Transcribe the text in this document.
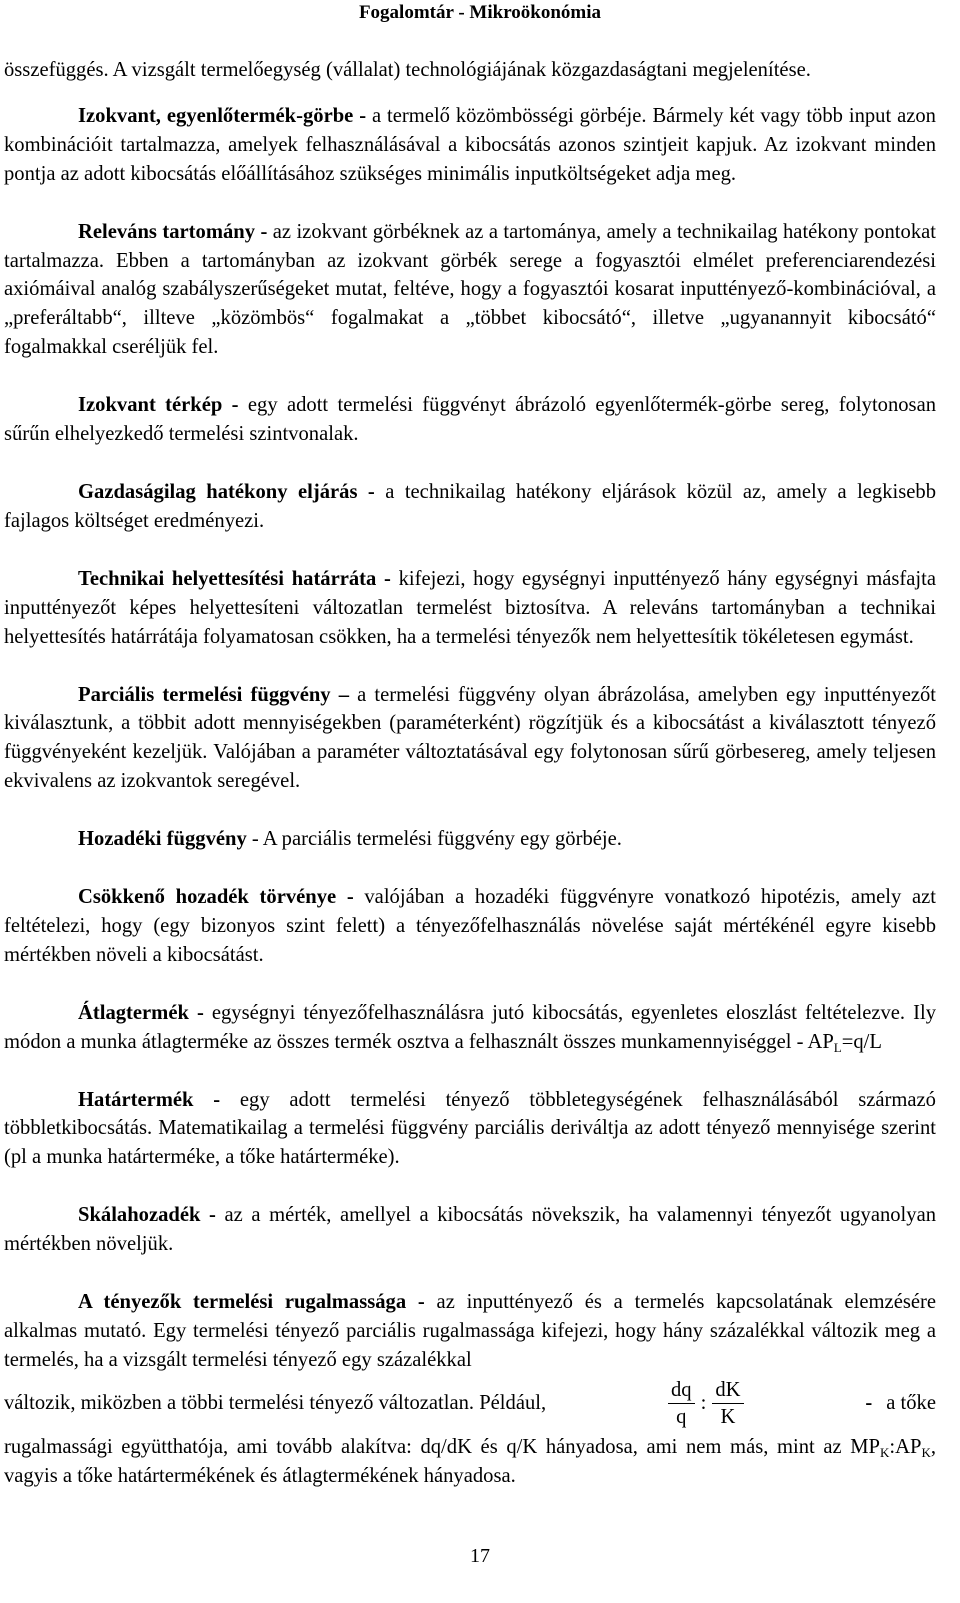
Fogalomtár - Mikroökonómia

összefüggés. A vizsgált termelőegység (vállalat) technológiájának közgazdaságtani megjelenítése.

Izokvant, egyenlőtermék-görbe - a termelő közömbösségi görbéje. Bármely két vagy több input azon kombinációit tartalmazza, amelyek felhasználásával a kibocsátás azonos szintjeit kapjuk. Az izokvant minden pontja az adott kibocsátás előállításához szükséges minimális inputköltségeket adja meg.

Releváns tartomány - az izokvant görbéknek az a tartománya, amely a technikailag hatékony pontokat tartalmazza. Ebben a tartományban az izokvant görbék serege a fogyasztói elmélet preferenciarendezési axiómáival analóg szabályszerűségeket mutat, feltéve, hogy a fogyasztói kosarat inputtényező-kombinációval, a „preferáltabb“, illteve „közömbös“ fogalmakat a „többet kibocsátó“, illetve „ugyanannyit kibocsátó“ fogalmakkal cseréljük fel.

Izokvant térkép - egy adott termelési függvényt ábrázoló egyenlőtermék-görbe sereg, folytonosan sűrűn elhelyezkedő termelési szintvonalak.

Gazdaságilag hatékony eljárás - a technikailag hatékony eljárások közül az, amely a legkisebb fajlagos költséget eredményezi.

Technikai helyettesítési határráta - kifejezi, hogy egységnyi inputtényező hány egységnyi másfajta inputtényezőt képes helyettesíteni változatlan termelést biztosítva. A releváns tartományban a technikai helyettesítés határrátája folyamatosan csökken, ha a termelési tényezők nem helyettesítik tökéletesen egymást.

Parciális termelési függvény – a termelési függvény olyan ábrázolása, amelyben egy inputtényezőt kiválasztunk, a többit adott mennyiségekben (paraméterként) rögzítjük és a kibocsátást a kiválasztott tényező függvényeként kezeljük. Valójában a paraméter változtatásával egy folytonosan sűrű görbesereg, amely teljesen ekvivalens az izokvantok seregével.

Hozadéki függvény - A parciális termelési függvény egy görbéje.

Csökkenő hozadék törvénye - valójában a hozadéki függvényre vonatkozó hipotézis, amely azt feltételezi, hogy (egy bizonyos szint felett) a tényezőfelhasználás növelése saját mértékénél egyre kisebb mértékben növeli a kibocsátást.

Átlagtermék - egységnyi tényezőfelhasználásra jutó kibocsátás, egyenletes eloszlást feltételezve. Ily módon a munka átlagterméke az összes termék osztva a felhasznált összes munkamennyiséggel - $AP_L=q/L$

Határtermék - egy adott termelési tényező többletegységének felhasználásából származó többletkibocsátás. Matematikailag a termelési függvény parciális deriváltja az adott tényező mennyisége szerint (pl a munka határterméke, a tőke határterméke).

Skálahozadék - az a mérték, amellyel a kibocsátás növekszik, ha valamennyi tényezőt ugyanolyan mértékben növeljük.

A tényezők termelési rugalmassága - az inputtényező és a termelés kapcsolatának elemzésére alkalmas mutató. Egy termelési tényező parciális rugalmassága kifejezi, hogy hány százalékkal változik meg a termelés, ha a vizsgált termelési tényező egy százalékkal

változik, miközben a többi termelési tényező változatlan. Például,	$\frac{dq}{q}$ : $\frac{dK}{K}$	- a tőke

rugalmassági együtthatója, ami tovább alakítva: dq/dK és q/K hányadosa, ami nem más, mint az $MP_K:AP_K$, vagyis a tőke határtermékének és átlagtermékének hányadosa.

17
